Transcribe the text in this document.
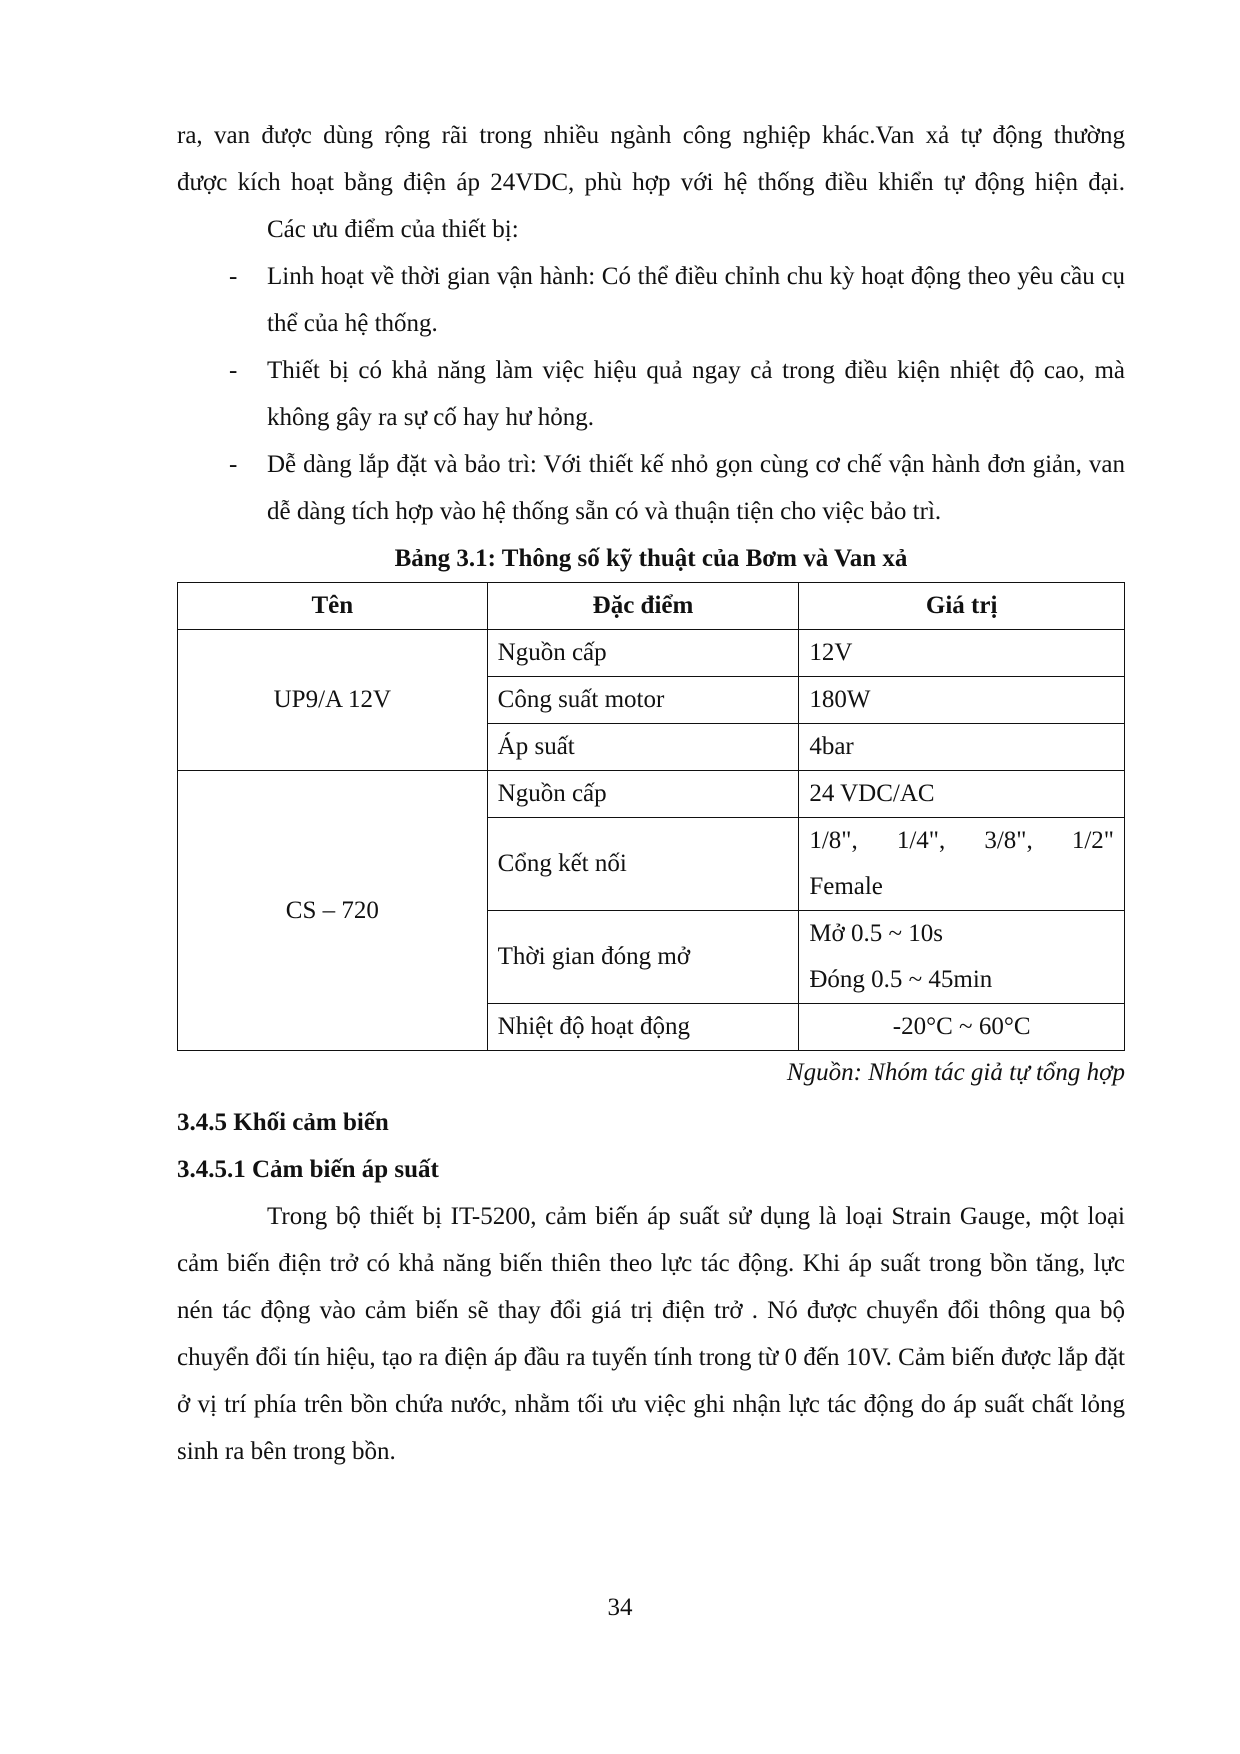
ra, van được dùng rộng rãi trong nhiều ngành công nghiệp khác.Van xả tự động thường

được kích hoạt bằng điện áp 24VDC, phù hợp với hệ thống điều khiển tự động hiện đại.

Các ưu điểm của thiết bị:

- Linh hoạt về thời gian vận hành: Có thể điều chỉnh chu kỳ hoạt động theo yêu cầu cụ thể của hệ thống.
- Thiết bị có khả năng làm việc hiệu quả ngay cả trong điều kiện nhiệt độ cao, mà không gây ra sự cố hay hư hỏng.
- Dễ dàng lắp đặt và bảo trì: Với thiết kế nhỏ gọn cùng cơ chế vận hành đơn giản, van dễ dàng tích hợp vào hệ thống sẵn có và thuận tiện cho việc bảo trì.

Bảng 3.1: Thông số kỹ thuật của Bơm và Van xả

Tên	Đặc điểm	Giá trị
UP9/A 12V	Nguồn cấp	12V
	Công suất motor	180W
	Áp suất	4bar
CS – 720	Nguồn cấp	24 VDC/AC
	Cổng kết nối	1/8", 1/4", 3/8", 1/2"
Female

	Thời gian đóng mở	Mở 0.5 ~ 10s
Đóng 0.5 ~ 45min

	Nhiệt độ hoạt động	-20°C ~ 60°C

Nguồn: Nhóm tác giả tự tổng hợp

3.4.5 Khối cảm biến

3.4.5.1 Cảm biến áp suất

Trong bộ thiết bị IT-5200, cảm biến áp suất sử dụng là loại Strain Gauge, một loại cảm biến điện trở có khả năng biến thiên theo lực tác động. Khi áp suất trong bồn tăng, lực nén tác động vào cảm biến sẽ thay đổi giá trị điện trở . Nó được chuyển đổi thông qua bộ chuyển đổi tín hiệu, tạo ra điện áp đầu ra tuyến tính trong từ 0 đến 10V. Cảm biến được lắp đặt ở vị trí phía trên bồn chứa nước, nhằm tối ưu việc ghi nhận lực tác động do áp suất chất lỏng sinh ra bên trong bồn.

34
